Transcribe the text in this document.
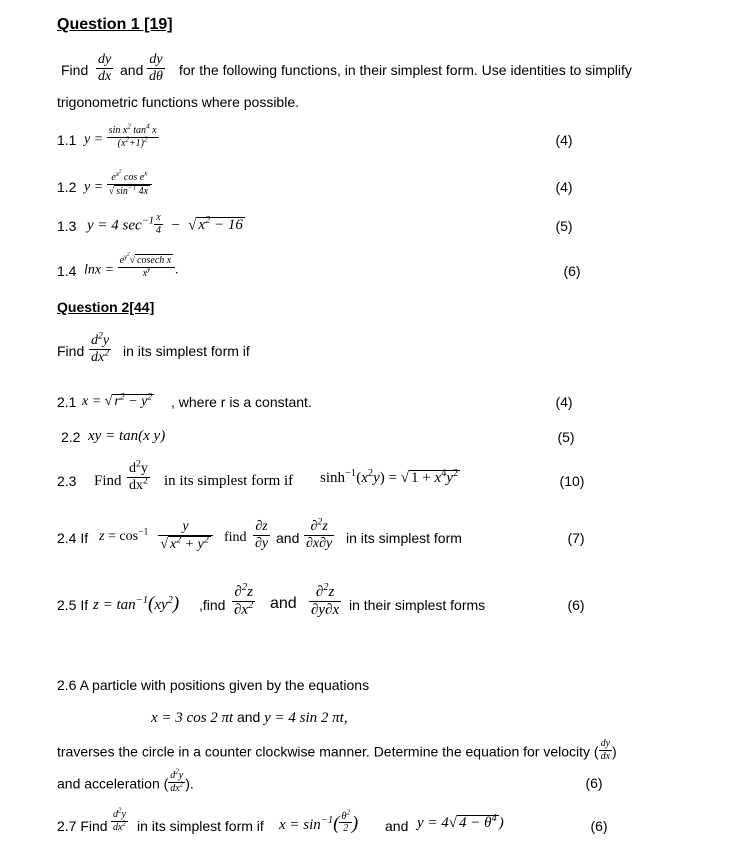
Question 1 [19]
Find $\frac{dy}{dx}$ and $\frac{dy}{d\theta}$ for the following functions, in their simplest form. Use identities to simplify
trigonometric functions where possible.
1.1 $y = \frac{\sin x^2 \tan^4 x}{(x^2+1)^2}$	(4)
1.2 $y = \frac{e^{x^2} \cos e^x}{√ \sin^{-1} 4x}$	(4)
1.3 y = 4 $\sec^{-1} \frac{x}{4}$ −  √ $x^2 - 16$	(5)
1.4 $\ln x = \frac{e^{y^2}√ cosech x}{x^y}$ .	(6)
Question 2[44]
Find $\frac{d^2y}{dx^2}$ in its simplest form if
2.1 x = √ $r^2 - y^2$ , where r is a constant.	(4)
2.2 xy = tan(x y)	(5)
2.3 Find $\frac{d^2y}{dx^2}$ in its simplest form if $\sinh^{-1}(x^2y)$ = √ $1 + x^4y^2$	(10)
2.4 If $z = \cos^{-1} \frac{y}{√ x^2 + y^2}$ find $\frac{\partial z}{\partial y}$ and $\frac{\partial^2z}{\partial x\partial y}$ in its simplest form	(7)
2.5 If $z = \tan^{-1}(xy^2)$ ,find $\frac{\partial^2z}{\partial x^2}$ and $\frac{\partial^2z}{\partial y\partial x}$ in their simplest forms	(6)
2.6 A particle with positions given by the equations
x = 3 cos 2 πt and y = 4 sin 2 πt,
traverses the circle in a counter clockwise manner. Determine the equation for velocity ( $\frac{dy}{dx}$ )
and acceleration ( $\frac{d^2y}{dx^2}$ ).	(6)
2.7 Find $\frac{d^2y}{dx^2}$ in its simplest form if $x = \sin^{-1}( \frac{\theta^2}{2}$ ) and y = 4√ $4 - \theta^4$ )	(6)
